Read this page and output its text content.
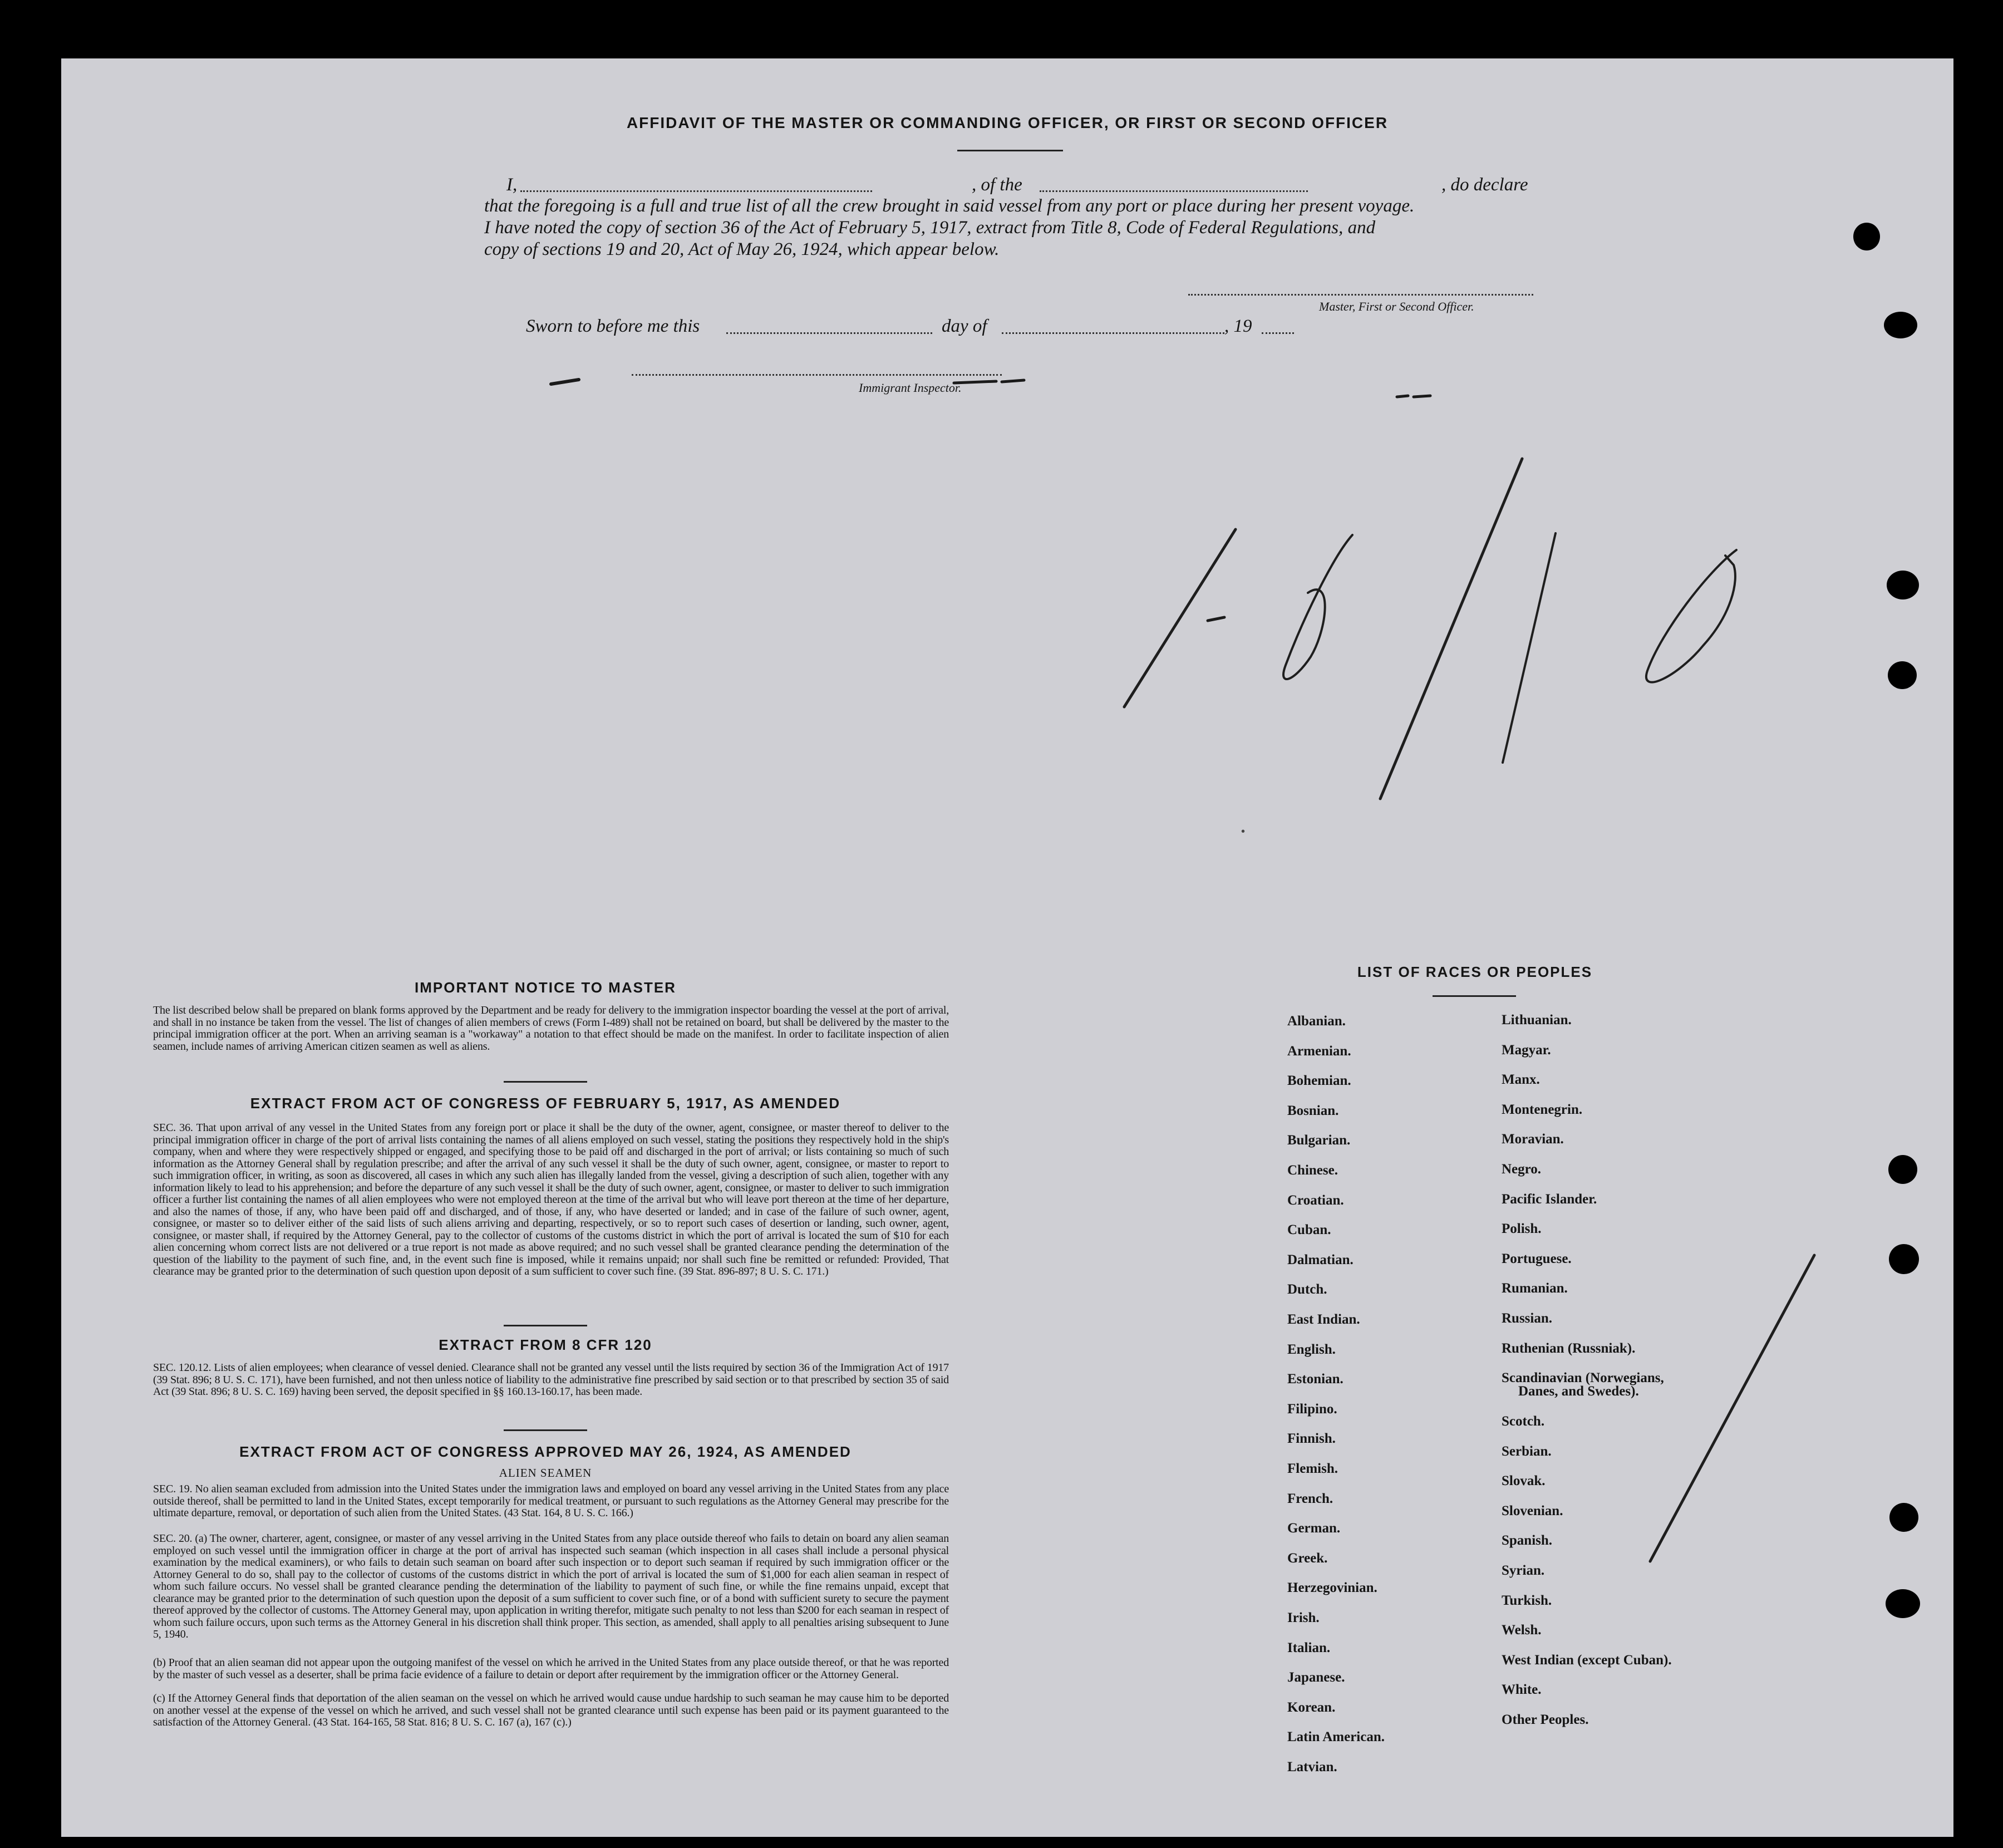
AFFIDAVIT OF THE MASTER OR COMMANDING OFFICER, OR FIRST OR SECOND OFFICER
I,	, of the	, do declare
that the foregoing is a full and true list of all the crew brought in said vessel from any port or place during her present voyage.
I have noted the copy of section 36 of the Act of February 5, 1917, extract from Title 8, Code of Federal Regulations, and
copy of sections 19 and 20, Act of May 26, 1924, which appear below.
Master, First or Second Officer.
Sworn to before me this	day of	, 19
Immigrant Inspector.
IMPORTANT NOTICE TO MASTER
The list described below shall be prepared on blank forms approved by the Department and be ready for delivery to the immigration inspector boarding the vessel at the port of arrival, and shall in no instance be taken from the vessel. The list of changes of alien members of crews (Form I-489) shall not be retained on board, but shall be delivered by the master to the principal immigration officer at the port. When an arriving seaman is a "workaway" a notation to that effect should be made on the manifest. In order to facilitate inspection of alien seamen, include names of arriving American citizen seamen as well as aliens.
EXTRACT FROM ACT OF CONGRESS OF FEBRUARY 5, 1917, AS AMENDED
SEC. 36. That upon arrival of any vessel in the United States from any foreign port or place it shall be the duty of the owner, agent, consignee, or master thereof to deliver to the principal immigration officer in charge of the port of arrival lists containing the names of all aliens employed on such vessel, stating the positions they respectively hold in the ship's company, when and where they were respectively shipped or engaged, and specifying those to be paid off and discharged in the port of arrival; or lists containing so much of such information as the Attorney General shall by regulation prescribe; and after the arrival of any such vessel it shall be the duty of such owner, agent, consignee, or master to report to such immigration officer, in writing, as soon as discovered, all cases in which any such alien has illegally landed from the vessel, giving a description of such alien, together with any information likely to lead to his apprehension; and before the departure of any such vessel it shall be the duty of such owner, agent, consignee, or master to deliver to such immigration officer a further list containing the names of all alien employees who were not employed thereon at the time of the arrival but who will leave port thereon at the time of her departure, and also the names of those, if any, who have been paid off and discharged, and of those, if any, who have deserted or landed; and in case of the failure of such owner, agent, consignee, or master so to deliver either of the said lists of such aliens arriving and departing, respectively, or so to report such cases of desertion or landing, such owner, agent, consignee, or master shall, if required by the Attorney General, pay to the collector of customs of the customs district in which the port of arrival is located the sum of $10 for each alien concerning whom correct lists are not delivered or a true report is not made as above required; and no such vessel shall be granted clearance pending the determination of the question of the liability to the payment of such fine, and, in the event such fine is imposed, while it remains unpaid; nor shall such fine be remitted or refunded: Provided, That clearance may be granted prior to the determination of such question upon deposit of a sum sufficient to cover such fine. (39 Stat. 896-897; 8 U. S. C. 171.)
EXTRACT FROM 8 CFR 120
SEC. 120.12. Lists of alien employees; when clearance of vessel denied. Clearance shall not be granted any vessel until the lists required by section 36 of the Immigration Act of 1917 (39 Stat. 896; 8 U. S. C. 171), have been furnished, and not then unless notice of liability to the administrative fine prescribed by said section or to that prescribed by section 35 of said Act (39 Stat. 896; 8 U. S. C. 169) having been served, the deposit specified in §§ 160.13-160.17, has been made.
EXTRACT FROM ACT OF CONGRESS APPROVED MAY 26, 1924, AS AMENDED
ALIEN SEAMEN
SEC. 19. No alien seaman excluded from admission into the United States under the immigration laws and employed on board any vessel arriving in the United States from any place outside thereof, shall be permitted to land in the United States, except temporarily for medical treatment, or pursuant to such regulations as the Attorney General may prescribe for the ultimate departure, removal, or deportation of such alien from the United States. (43 Stat. 164, 8 U. S. C. 166.)
SEC. 20. (a) The owner, charterer, agent, consignee, or master of any vessel arriving in the United States from any place outside thereof who fails to detain on board any alien seaman employed on such vessel until the immigration officer in charge at the port of arrival has inspected such seaman (which inspection in all cases shall include a personal physical examination by the medical examiners), or who fails to detain such seaman on board after such inspection or to deport such seaman if required by such immigration officer or the Attorney General to do so, shall pay to the collector of customs of the customs district in which the port of arrival is located the sum of $1,000 for each alien seaman in respect of whom such failure occurs. No vessel shall be granted clearance pending the determination of the liability to payment of such fine, or while the fine remains unpaid, except that clearance may be granted prior to the determination of such question upon the deposit of a sum sufficient to cover such fine, or of a bond with sufficient surety to secure the payment thereof approved by the collector of customs. The Attorney General may, upon application in writing therefor, mitigate such penalty to not less than $200 for each seaman in respect of whom such failure occurs, upon such terms as the Attorney General in his discretion shall think proper. This section, as amended, shall apply to all penalties arising subsequent to June 5, 1940.
(b) Proof that an alien seaman did not appear upon the outgoing manifest of the vessel on which he arrived in the United States from any place outside thereof, or that he was reported by the master of such vessel as a deserter, shall be prima facie evidence of a failure to detain or deport after requirement by the immigration officer or the Attorney General.
(c) If the Attorney General finds that deportation of the alien seaman on the vessel on which he arrived would cause undue hardship to such seaman he may cause him to be deported on another vessel at the expense of the vessel on which he arrived, and such vessel shall not be granted clearance until such expense has been paid or its payment guaranteed to the satisfaction of the Attorney General. (43 Stat. 164-165, 58 Stat. 816; 8 U. S. C. 167 (a), 167 (c).)
LIST OF RACES OR PEOPLES
Albanian.
Armenian.
Bohemian.
Bosnian.
Bulgarian.
Chinese.
Croatian.
Cuban.
Dalmatian.
Dutch.
East Indian.
English.
Estonian.
Filipino.
Finnish.
Flemish.
French.
German.
Greek.
Herzegovinian.
Irish.
Italian.
Japanese.
Korean.
Latin American.
Latvian.
Lithuanian.
Magyar.
Manx.
Montenegrin.
Moravian.
Negro.
Pacific Islander.
Polish.
Portuguese.
Rumanian.
Russian.
Ruthenian (Russniak).
Scandinavian (Norwegians,
Danes, and Swedes).
Scotch.
Serbian.
Slovak.
Slovenian.
Spanish.
Syrian.
Turkish.
Welsh.
West Indian (except Cuban).
White.
Other Peoples.
•
